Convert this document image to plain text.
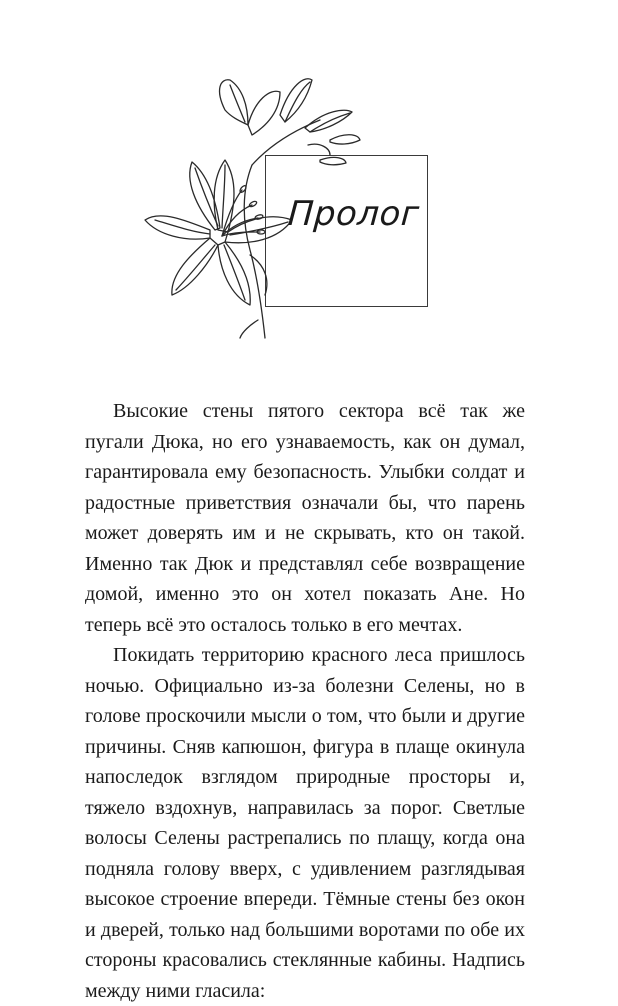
Пролог

Высокие стены пятого сектора всё так же пугали Дюка, но его узнаваемость, как он думал, гарантировала ему безопасность. Улыбки солдат и радостные приветствия означали бы, что парень может доверять им и не скрывать, кто он такой. Именно так Дюк и представлял себе возвращение домой, именно это он хотел показать Ане. Но теперь всё это осталось только в его мечтах.

Покидать территорию красного леса пришлось ночью. Официально из-за болезни Селены, но в голове проскочили мысли о том, что были и другие причины. Сняв капюшон, фигура в плаще окинула напоследок взглядом природные просторы и, тяжело вздохнув, направилась за порог. Светлые волосы Селены растрепались по плащу, когда она подняла голову вверх, с удивлением разглядывая высокое строение впереди. Тёмные стены без окон и дверей, только над большими воротами по обе их стороны красовались стеклянные кабины. Надпись между ними гласила:
